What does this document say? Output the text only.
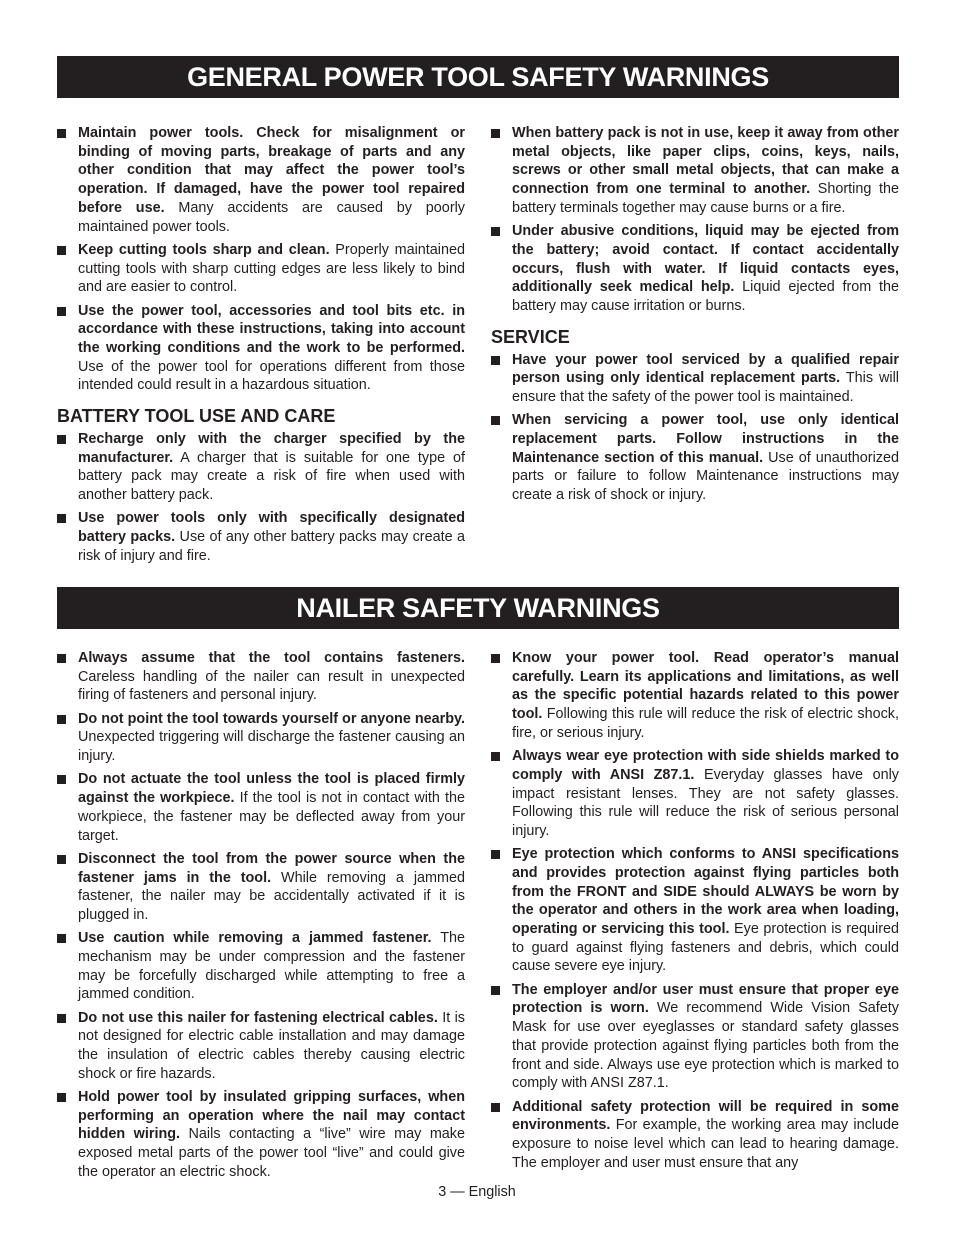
GENERAL POWER TOOL SAFETY WARNINGS
Maintain power tools. Check for misalignment or binding of moving parts, breakage of parts and any other condition that may affect the power tool’s operation. If damaged, have the power tool repaired before use. Many accidents are caused by poorly maintained power tools.
Keep cutting tools sharp and clean. Properly maintained cutting tools with sharp cutting edges are less likely to bind and are easier to control.
Use the power tool, accessories and tool bits etc. in accordance with these instructions, taking into account the working conditions and the work to be performed. Use of the power tool for operations different from those intended could result in a hazardous situation.
BATTERY TOOL USE AND CARE
Recharge only with the charger specified by the manufacturer. A charger that is suitable for one type of battery pack may create a risk of fire when used with another battery pack.
Use power tools only with specifically designated battery packs. Use of any other battery packs may create a risk of injury and fire.
When battery pack is not in use, keep it away from other metal objects, like paper clips, coins, keys, nails, screws or other small metal objects, that can make a connection from one terminal to another. Shorting the battery terminals together may cause burns or a fire.
Under abusive conditions, liquid may be ejected from the battery; avoid contact. If contact accidentally occurs, flush with water. If liquid contacts eyes, additionally seek medical help. Liquid ejected from the battery may cause irritation or burns.
SERVICE
Have your power tool serviced by a qualified repair person using only identical replacement parts. This will ensure that the safety of the power tool is maintained.
When servicing a power tool, use only identical replacement parts. Follow instructions in the Maintenance section of this manual. Use of unauthorized parts or failure to follow Maintenance instructions may create a risk of shock or injury.
NAILER SAFETY WARNINGS
Always assume that the tool contains fasteners. Careless handling of the nailer can result in unexpected firing of fasteners and personal injury.
Do not point the tool towards yourself or anyone nearby. Unexpected triggering will discharge the fastener causing an injury.
Do not actuate the tool unless the tool is placed firmly against the workpiece. If the tool is not in contact with the workpiece, the fastener may be deflected away from your target.
Disconnect the tool from the power source when the fastener jams in the tool. While removing a jammed fastener, the nailer may be accidentally activated if it is plugged in.
Use caution while removing a jammed fastener. The mechanism may be under compression and the fastener may be forcefully discharged while attempting to free a jammed condition.
Do not use this nailer for fastening electrical cables. It is not designed for electric cable installation and may damage the insulation of electric cables thereby causing electric shock or fire hazards.
Hold power tool by insulated gripping surfaces, when performing an operation where the nail may contact hidden wiring. Nails contacting a “live” wire may make exposed metal parts of the power tool “live” and could give the operator an electric shock.
Know your power tool. Read operator’s manual carefully. Learn its applications and limitations, as well as the specific potential hazards related to this power tool. Following this rule will reduce the risk of electric shock, fire, or serious injury.
Always wear eye protection with side shields marked to comply with ANSI Z87.1. Everyday glasses have only impact resistant lenses. They are not safety glasses. Following this rule will reduce the risk of serious personal injury.
Eye protection which conforms to ANSI specifications and provides protection against flying particles both from the FRONT and SIDE should ALWAYS be worn by the operator and others in the work area when loading, operating or servicing this tool. Eye protection is required to guard against flying fasteners and debris, which could cause severe eye injury.
The employer and/or user must ensure that proper eye protection is worn. We recommend Wide Vision Safety Mask for use over eyeglasses or standard safety glasses that provide protection against flying particles both from the front and side. Always use eye protection which is marked to comply with ANSI Z87.1.
Additional safety protection will be required in some environments. For example, the working area may include exposure to noise level which can lead to hearing damage. The employer and user must ensure that any
3 — English
